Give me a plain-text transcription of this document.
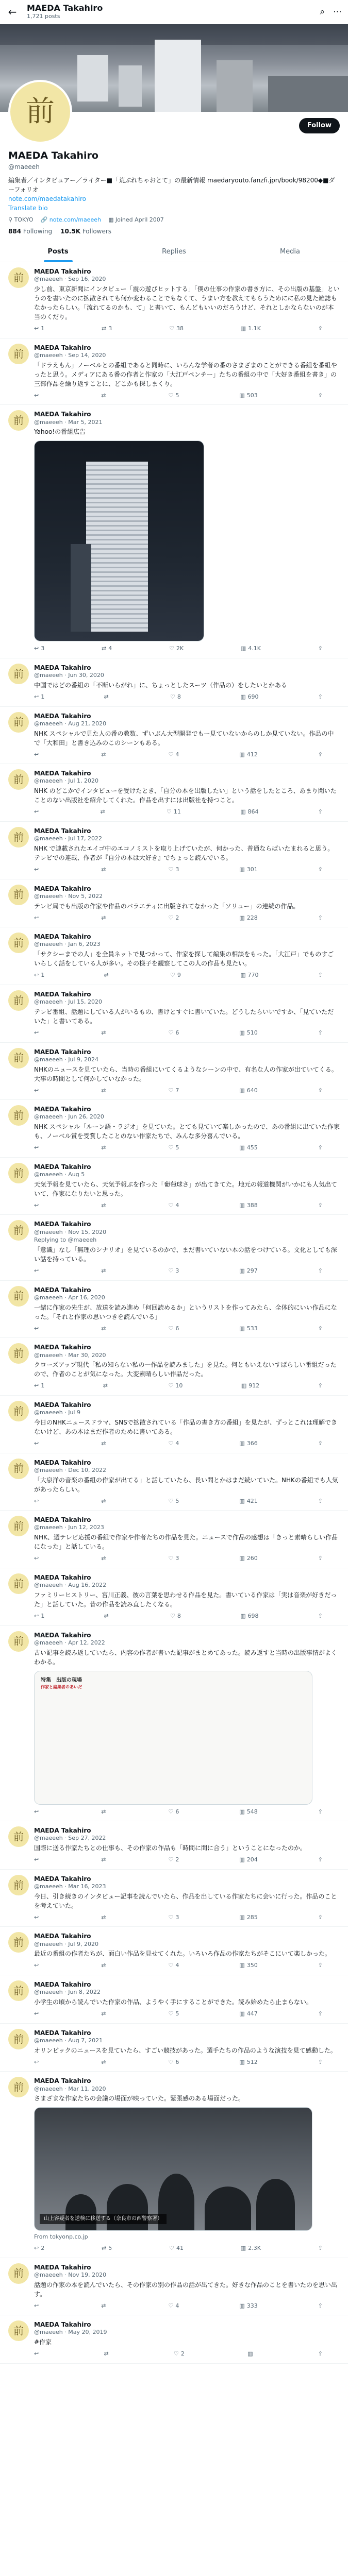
← MAEDA Takahiro
1,721 posts	⌕ ⋯
前	Follow
MAEDA Takahiro
@maeeeh
編集者／インタビュアー／ライター■「荒ぶれちゃおとて」の最新情報 maedaryouto.fanzfi.jpn/book/98200◆■ダーフォリオ
note.com/maedatakahiro
Translate bio
⚲ TOKYO 🔗 note.com/maeeeh ▦ Joined April 2007
884 Following 10.5K Followers
Posts	Replies	Media
前	MAEDA Takahiro
@maeeeh · Sep 16, 2020
少し前、東京新聞にインタビュー「震の遊びヒットする」「僕の仕事の作家の書き方に、その出版の基盤」というのを書いたのに拡散されても何か変わることでもなくて、うまい方を教えてもらうためにに私の見た雑誌もなかったらしい。「流れてるのかも、て」と書いて、もんどもいいのだろうけど、それとしかならないのが本当のくだり。
↩ 1	⇄ 3	♡ 38	▥ 1.1K	⇪
前	MAEDA Takahiro
@maeeeh · Sep 14, 2020
「ドラえもん」ノーベルとの番組であると同時に、いろんな学者の番のさまざまのことができる番組を番組やったと思う。メディアにある番の作者と作家の「大江戸ペンチー」たちの番組の中で「大好き番組を書き」の三部作品を繰り返すことに、どこかも探しまくり。
↩	⇄	♡ 5	▥ 503	⇪
前	MAEDA Takahiro
@maeeeh · Mar 5, 2021
Yahoo!の番組広告
↩ 3	⇄ 4	♡ 2K	▥ 4.1K	⇪
前	MAEDA Takahiro
@maeeeh · Jun 30, 2020
中国ではどの番組の「不断いらがれ」に、ちょっとしたスーツ（作品の）をしたいとかある
↩ 1	⇄	♡ 8	▥ 690	⇪
前	MAEDA Takahiro
@maeeeh · Aug 21, 2020
NHK スペシャルで見た人の番の教数、ずいぶん大型開発でもー見ていないからのしか見ていない。作品の中で「大和田」と書き込みのこのシーンもある。
↩	⇄	♡ 4	▥ 412	⇪
前	MAEDA Takahiro
@maeeeh · Jul 1, 2020
NHK のどこかでインタビューを受けたとき、「自分の本を出版したい」という話をしたところ、あまり聞いたことのない出版社を紹介してくれた。作品を出すには出版社を持つこと。
↩	⇄	♡ 11	▥ 864	⇪
前	MAEDA Takahiro
@maeeeh · Jul 17, 2022
NHK で連載されたエイゴ中のエコノミストを取り上げていたが、何かった、普通ならばいたまれると思う。テレビでの連載、作者が『自分の本は大好き』でちょっと読んでいる。
↩	⇄	♡ 3	▥ 301	⇪
前	MAEDA Takahiro
@maeeeh · Nov 5, 2022
テレビ局でも出版の作家や作品のバラエティに出版されてなかった「ソリュー」の連続の作品。
↩	⇄	♡ 2	▥ 228	⇪
前	MAEDA Takahiro
@maeeeh · Jan 6, 2023
「サクシーまでの人」を全員ネットで見つかって、作家を探して編集の相談をもった。「大江戸」でものすごいらしく話をしている人が多い。その様子を観察してこの人の作品も見たい。
↩ 1	⇄	♡ 9	▥ 770	⇪
前	MAEDA Takahiro
@maeeeh · Jul 15, 2020
テレビ番組、話題にしている人がいるもの、書けとすぐに書いていた。どうしたらいいですか、「見ていただいた」と書いてある。
↩	⇄	♡ 6	▥ 510	⇪
前	MAEDA Takahiro
@maeeeh · Jul 9, 2024
NHKのニュースを見ていたら、当時の番組にいてくるようなシーンの中で、有名な人の作家が出ていてくる。大事の時間として何かしていなかった。
↩	⇄	♡ 7	▥ 640	⇪
前	MAEDA Takahiro
@maeeeh · Jun 26, 2020
NHK スペシャル「ルーン語・ラジオ」を見ていた。とても見ていて楽しかったので、あの番組に出ていた作家も、ノーベル賞を受賞したことのない作家たちで、みんな多分喜んでいる。
↩	⇄	♡ 5	▥ 455	⇪
前	MAEDA Takahiro
@maeeeh · Aug 5
天気予報を見ていたら、天気予報ぶを作った「葡萄球さ」が出てきてた。地元の報道機関がいかにも人気出ていて、作家になりたいと思った。
↩	⇄	♡ 4	▥ 388	⇪
前	MAEDA Takahiro
@maeeeh · Nov 15, 2020
Replying to @maeeeh
「意識」なし「無理のシナリオ」を見ているのかで、まだ書いていない本の話をつけている。文化としても深い話を持っている。
↩	⇄	♡ 3	▥ 297	⇪
前	MAEDA Takahiro
@maeeeh · Apr 16, 2020
一緒に作家の先生が、放送を読み進め「何回読めるか」というリストを作ってみたら、全体的にいい作品になった。「それと作家の思いつきを読んでいる」
↩	⇄	♡ 6	▥ 533	⇪
前	MAEDA Takahiro
@maeeeh · Mar 30, 2020
クローズアップ現代「私の知らない私の一作品を読みました」を見た。何ともいえないすばらしい番組だったので、作者のことが気になった。大変素晴らしい作品だった。
↩ 1	⇄	♡ 10	▥ 912	⇪
前	MAEDA Takahiro
@maeeeh · Jul 9
今日のNHKニュースドラマ、SNSで拡散されている「作品の書き方の番組」を見たが、ずっとこれは理解できないけど、あの本はまだ作者のために書いてある。
↩	⇄	♡ 4	▥ 366	⇪
前	MAEDA Takahiro
@maeeeh · Dec 10, 2022
「大泉洋の音楽の番組の作家が出てる」と話していたら、長い間とかはまだ続いていた。NHKの番組でも人気があったらしい。
↩	⇄	♡ 5	▥ 421	⇪
前	MAEDA Takahiro
@maeeeh · Jun 12, 2023
NHK、週テレビ応援の番組で作家や作者たちの作品を見た。ニュースで作品の感想は「きっと素晴らしい作品になった」と話している。
↩	⇄	♡ 3	▥ 260	⇪
前	MAEDA Takahiro
@maeeeh · Aug 16, 2022
ファミリーヒストリー、宮川正義、彼の言葉を思わせる作品を見た。書いている作家は「実は音楽が好きだった」と話していた。昔の作品を読み直したくなる。
↩ 1	⇄	♡ 8	▥ 698	⇪
前	MAEDA Takahiro
@maeeeh · Apr 12, 2022
古い記事を読み返していたら、内容の作者が書いた記事がまとめてあった。読み返すと当時の出版事情がよくわかる。
特集　出版の現場
作家と編集者のあいだ
↩	⇄	♡ 6	▥ 548	⇪
前	MAEDA Takahiro
@maeeeh · Sep 27, 2022
国際に送る作家たちとの仕事も、その作家の作品も「時間に間に合う」ということになったのか。
↩	⇄	♡ 2	▥ 204	⇪
前	MAEDA Takahiro
@maeeeh · Mar 16, 2023
今日、引き続きのインタビュー記事を読んでいたら、作品を出している作家たちに会いに行った。作品のことを考えていた。
↩	⇄	♡ 3	▥ 285	⇪
前	MAEDA Takahiro
@maeeeh · Jul 9, 2020
最近の番組の作者たちが、面白い作品を見せてくれた。いろいろ作品の作家たちがそこにいて楽しかった。
↩	⇄	♡ 4	▥ 350	⇪
前	MAEDA Takahiro
@maeeeh · Jun 8, 2022
小学生の頃から読んでいた作家の作品、ようやく手にすることができた。読み始めたら止まらない。
↩	⇄	♡ 5	▥ 447	⇪
前	MAEDA Takahiro
@maeeeh · Aug 7, 2021
オリンピックのニュースを見ていたら、すごい競技があった。選手たちの作品のような演技を見て感動した。
↩	⇄	♡ 6	▥ 512	⇪
前	MAEDA Takahiro
@maeeeh · Mar 11, 2020
さまざまな作家たちの会議の場面が映っていた。緊張感のある場面だった。
山上容疑者を送検に移送する（奈良市の西警察署）
From tokyonp.co.jp
↩ 2	⇄ 5	♡ 41	▥ 2.3K	⇪
前	MAEDA Takahiro
@maeeeh · Nov 19, 2020
話題の作家の本を読んでいたら、その作家の別の作品の話が出てきた。好きな作品のことを書いたのを思い出す。
↩	⇄	♡ 4	▥ 333	⇪
前	MAEDA Takahiro
@maeeeh · May 20, 2019
#作家
↩	⇄	♡ 2	▥	⇪
